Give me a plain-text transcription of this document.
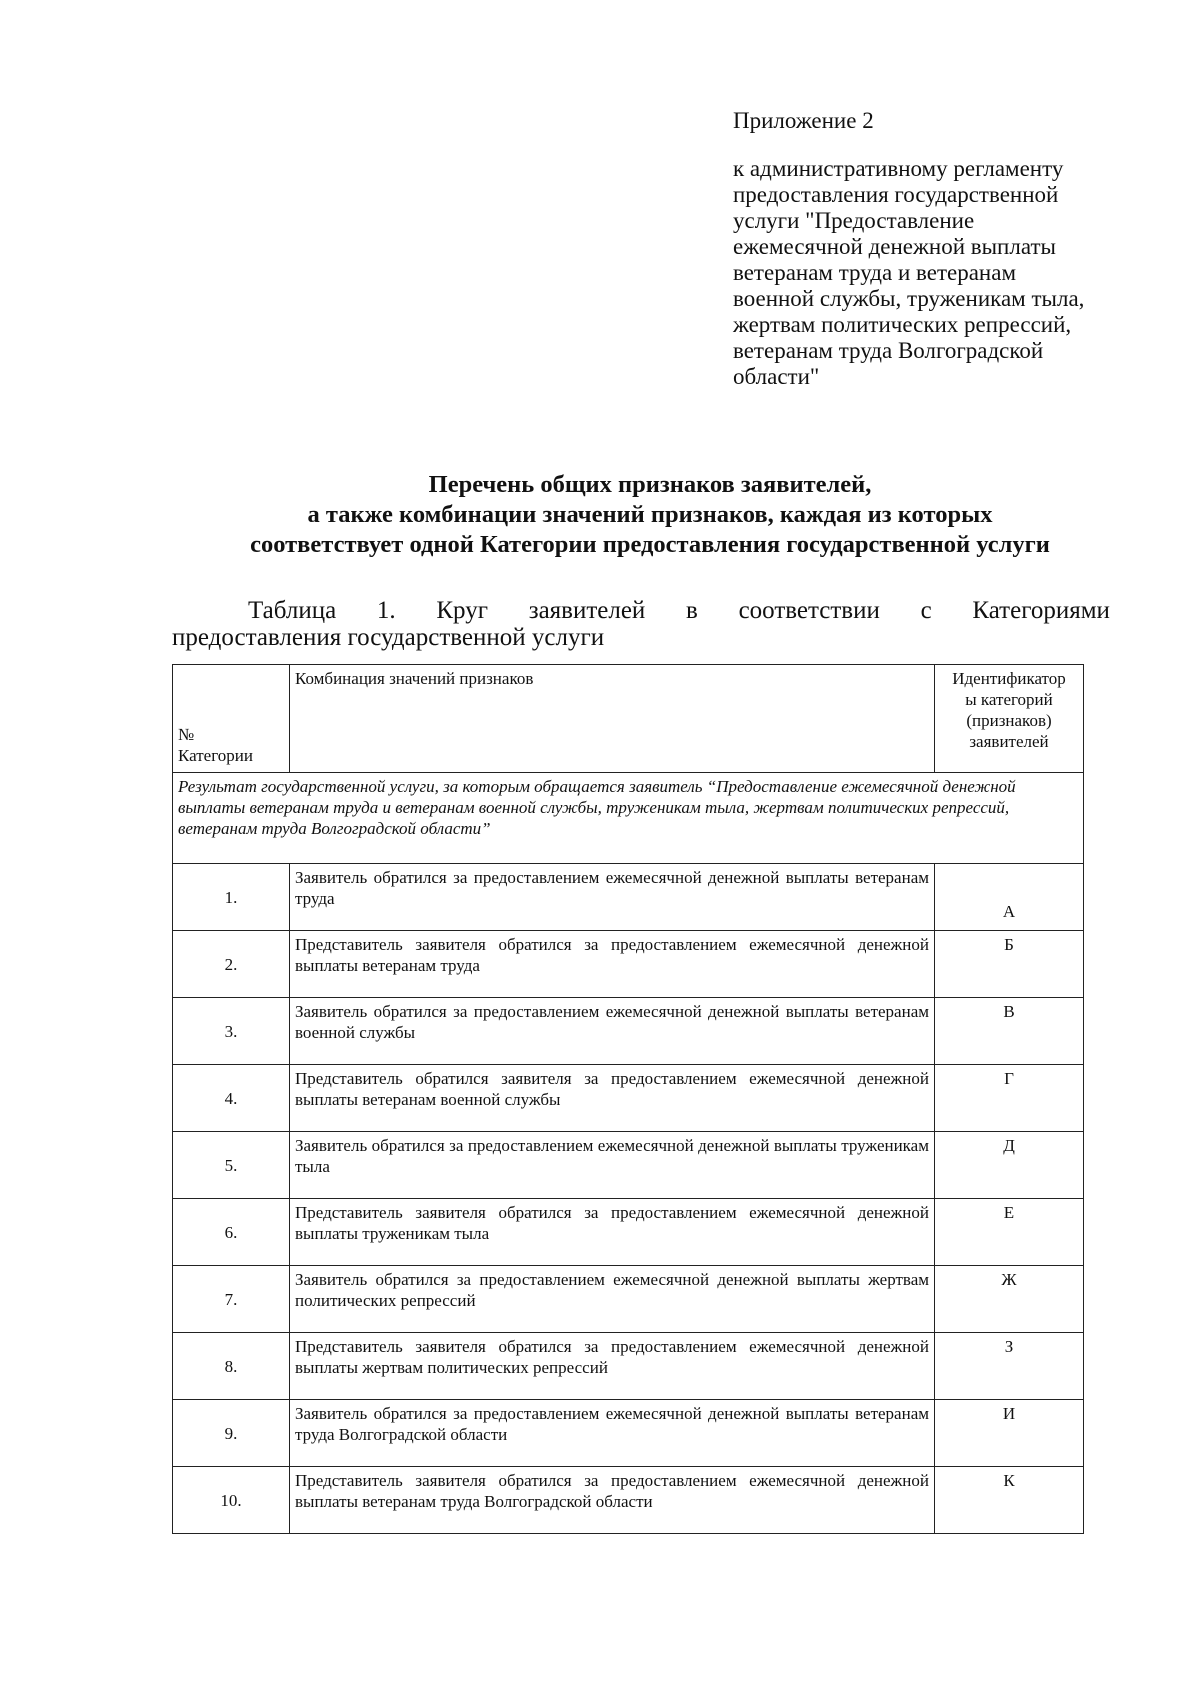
Приложение 2
к административному регламенту
предоставления государственной
услуги "Предоставление
ежемесячной денежной выплаты
ветеранам труда и ветеранам
военной службы, труженикам тыла,
жертвам политических репрессий,
ветеранам труда Волгоградской
области"
Перечень общих признаков заявителей,
а также комбинации значений признаков, каждая из которых
соответствует одной Категории предоставления государственной услуги
Таблица 1. Круг заявителей в соответствии с Категориями
предоставления государственной услуги
№
Категории	Комбинация значений признаков	Идентификатор
ы категорий
(признаков)
заявителей
Результат государственной услуги, за которым обращается заявитель “Предоставление ежемесячной денежной выплаты ветеранам труда и ветеранам военной службы, труженикам тыла, жертвам политических репрессий, ветеранам труда Волгоградской области”		
1.	Заявитель обратился за предоставлением ежемесячной денежной выплаты ветеранам труда	А
2.	Представитель заявителя обратился за предоставлением ежемесячной денежной выплаты ветеранам труда	Б
3.	Заявитель обратился за предоставлением ежемесячной денежной выплаты ветеранам военной службы	В
4.	Представитель обратился заявителя за предоставлением ежемесячной денежной выплаты ветеранам военной службы	Г
5.	Заявитель обратился за предоставлением ежемесячной денежной выплаты труженикам тыла	Д
6.	Представитель заявителя обратился за предоставлением ежемесячной денежной выплаты труженикам тыла	Е
7.	Заявитель обратился за предоставлением ежемесячной денежной выплаты жертвам политических репрессий	Ж
8.	Представитель заявителя обратился за предоставлением ежемесячной денежной выплаты жертвам политических репрессий	З
9.	Заявитель обратился за предоставлением ежемесячной денежной выплаты ветеранам труда Волгоградской области	И
10.	Представитель заявителя обратился за предоставлением ежемесячной денежной выплаты ветеранам труда Волгоградской области	К
